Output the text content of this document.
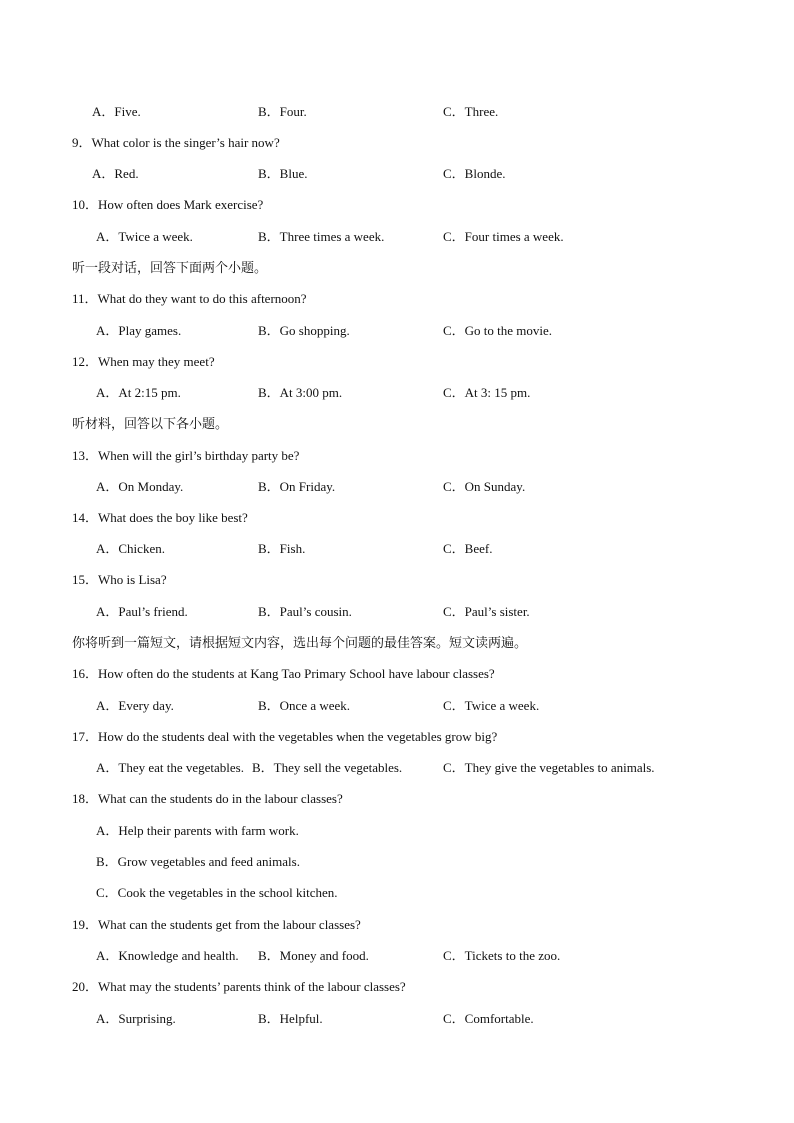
A．Five.	B．Four.	C．Three.
9．What color is the singer’s hair now?
A．Red.	B．Blue.	C．Blonde.
10．How often does Mark exercise?
A．Twice a week.	B．Three times a week.	C．Four times a week.
听一段对话，回答下面两个小题。
11．What do they want to do this afternoon?
A．Play games.	B．Go shopping.	C．Go to the movie.
12．When may they meet?
A．At 2:15 pm.	B．At 3:00 pm.	C．At 3: 15 pm.
听材料，回答以下各小题。
13．When will the girl’s birthday party be?
A．On Monday.	B．On Friday.	C．On Sunday.
14．What does the boy like best?
A．Chicken.	B．Fish.	C．Beef.
15．Who is Lisa?
A．Paul’s friend.	B．Paul’s cousin.	C．Paul’s sister.
你将听到一篇短文，请根据短文内容，选出每个问题的最佳答案。短文读两遍。
16．How often do the students at Kang Tao Primary School have labour classes?
A．Every day.	B．Once a week.	C．Twice a week.
17．How do the students deal with the vegetables when the vegetables grow big?
A．They eat the vegetables. B．They sell the vegetables.	C．They give the vegetables to animals.
18．What can the students do in the labour classes?
A．Help their parents with farm work.
B．Grow vegetables and feed animals.
C．Cook the vegetables in the school kitchen.
19．What can the students get from the labour classes?
A．Knowledge and health. B．Money and food.	C．Tickets to the zoo.
20．What may the students’ parents think of the labour classes?
A．Surprising.	B．Helpful.	C．Comfortable.
